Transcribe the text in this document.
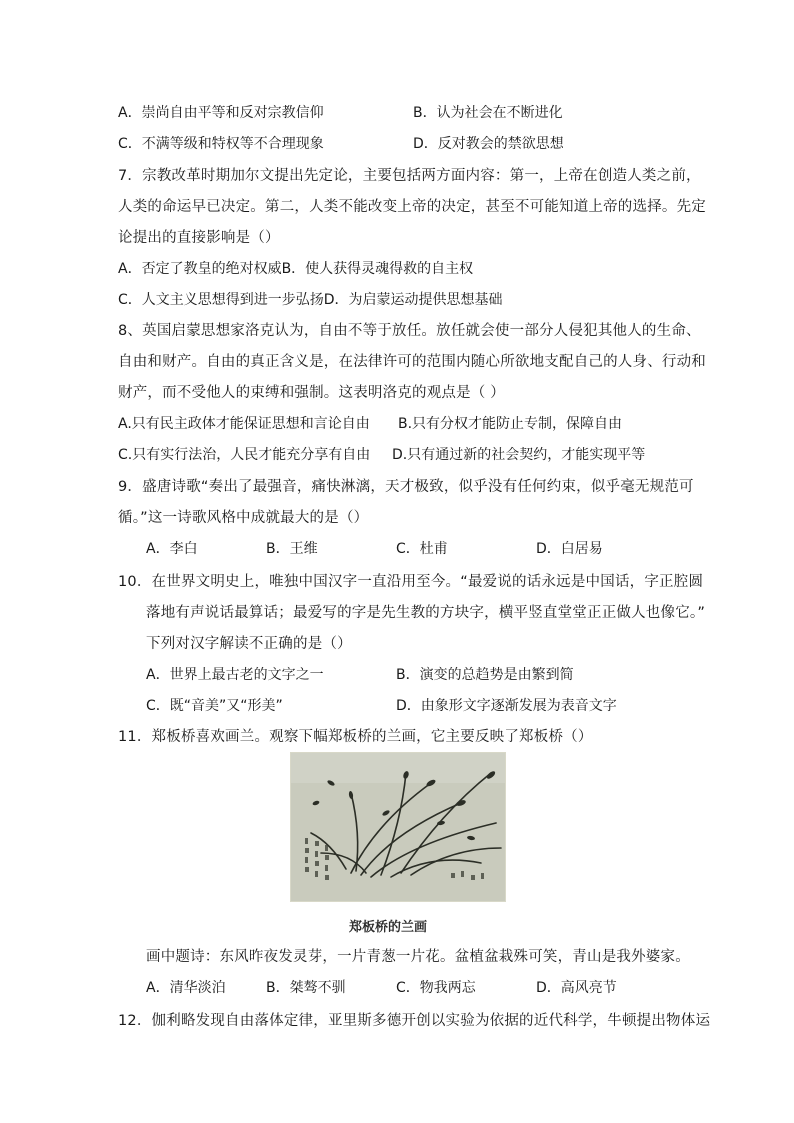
A．崇尚自由平等和反对宗教信仰	B．认为社会在不断进化
C．不满等级和特权等不合理现象	D．反对教会的禁欲思想
7．宗教改革时期加尔文提出先定论，主要包括两方面内容：第一，上帝在创造人类之前，
人类的命运早已决定。第二，人类不能改变上帝的决定，甚至不可能知道上帝的选择。先定
论提出的直接影响是（）
A．否定了教皇的绝对权威B．使人获得灵魂得救的自主权
C．人文主义思想得到进一步弘扬D．为启蒙运动提供思想基础
8、英国启蒙思想家洛克认为，自由不等于放任。放任就会使一部分人侵犯其他人的生命、
自由和财产。自由的真正含义是，在法律许可的范围内随心所欲地支配自己的人身、行动和
财产，而不受他人的束缚和强制。这表明洛克的观点是（ ）
A.只有民主政体才能保证思想和言论自由 B.只有分权才能防止专制，保障自由
C.只有实行法治，人民才能充分享有自由 D.只有通过新的社会契约，才能实现平等
9．盛唐诗歌“奏出了最强音，痛快淋漓，天才极致，似乎没有任何约束，似乎毫无规范可
循。”这一诗歌风格中成就最大的是（）
A．李白	B．王维	C．杜甫	D．白居易
10．在世界文明史上，唯独中国汉字一直沿用至今。“最爱说的话永远是中国话，字正腔圆
落地有声说话最算话；最爱写的字是先生教的方块字，横平竖直堂堂正正做人也像它。”
下列对汉字解读不正确的是（）
A．世界上最古老的文字之一	B．演变的总趋势是由繁到简
C．既“音美”又“形美”	D．由象形文字逐渐发展为表音文字
11．郑板桥喜欢画兰。观察下幅郑板桥的兰画，它主要反映了郑板桥（）
郑板桥的兰画
画中题诗：东风昨夜发灵芽，一片青葱一片花。盆植盆栽殊可笑，青山是我外婆家。
A．清华淡泊	B．桀骜不驯	C．物我两忘	D．高风亮节
12．伽利略发现自由落体定律，亚里斯多德开创以实验为依据的近代科学，牛顿提出物体运
